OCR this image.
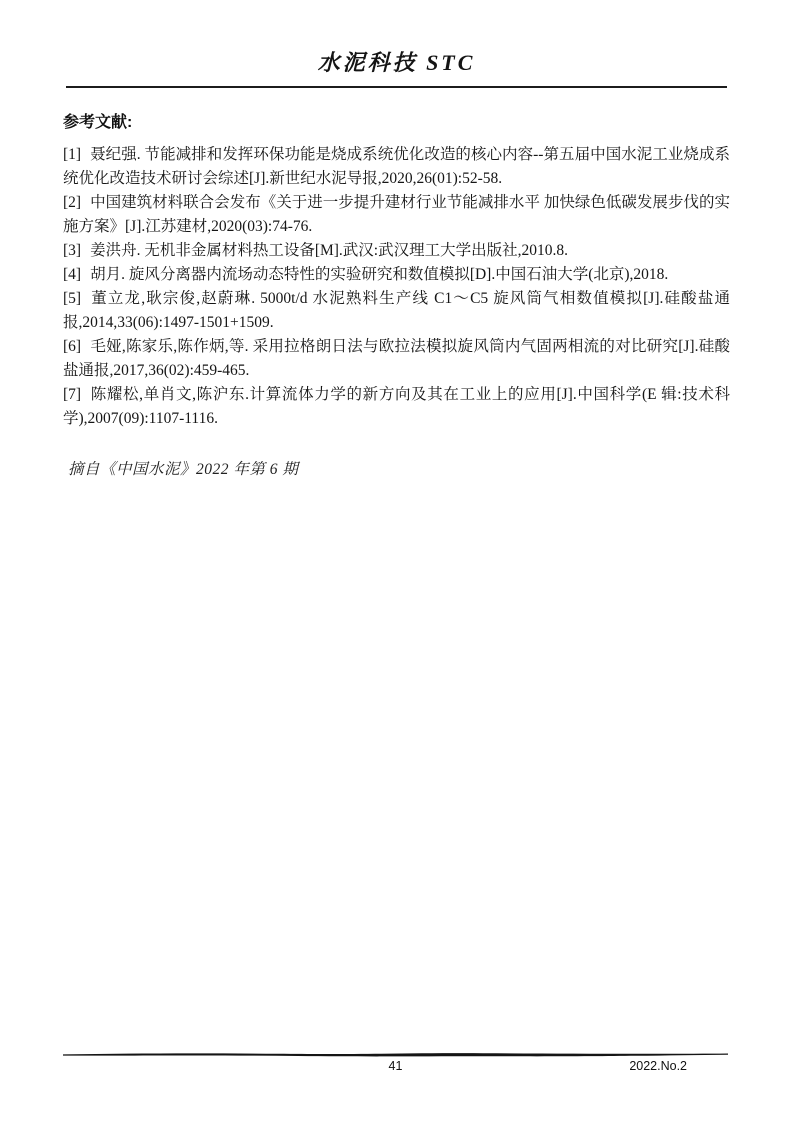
水泥科技 STC
参考文献:

[1] 聂纪强. 节能减排和发挥环保功能是烧成系统优化改造的核心内容--第五届中国水泥工业烧成系统优化改造技术研讨会综述[J].新世纪水泥导报,2020,26(01):52-58.

[2] 中国建筑材料联合会发布《关于进一步提升建材行业节能减排水平 加快绿色低碳发展步伐的实施方案》[J].江苏建材,2020(03):74-76.

[3] 姜洪舟. 无机非金属材料热工设备[M].武汉:武汉理工大学出版社,2010.8.

[4] 胡月. 旋风分离器内流场动态特性的实验研究和数值模拟[D].中国石油大学(北京),2018.

[5] 董立龙,耿宗俊,赵蔚琳. 5000t/d 水泥熟料生产线 C1～C5 旋风筒气相数值模拟[J].硅酸盐通报,2014,33(06):1497-1501+1509.

[6] 毛娅,陈家乐,陈作炳,等. 采用拉格朗日法与欧拉法模拟旋风筒内气固两相流的对比研究[J].硅酸盐通报,2017,36(02):459-465.

[7] 陈耀松,单肖文,陈沪东.计算流体力学的新方向及其在工业上的应用[J].中国科学(E 辑:技术科学),2007(09):1107-1116.

摘自《中国水泥》2022 年第 6 期
41	2022.No.2
